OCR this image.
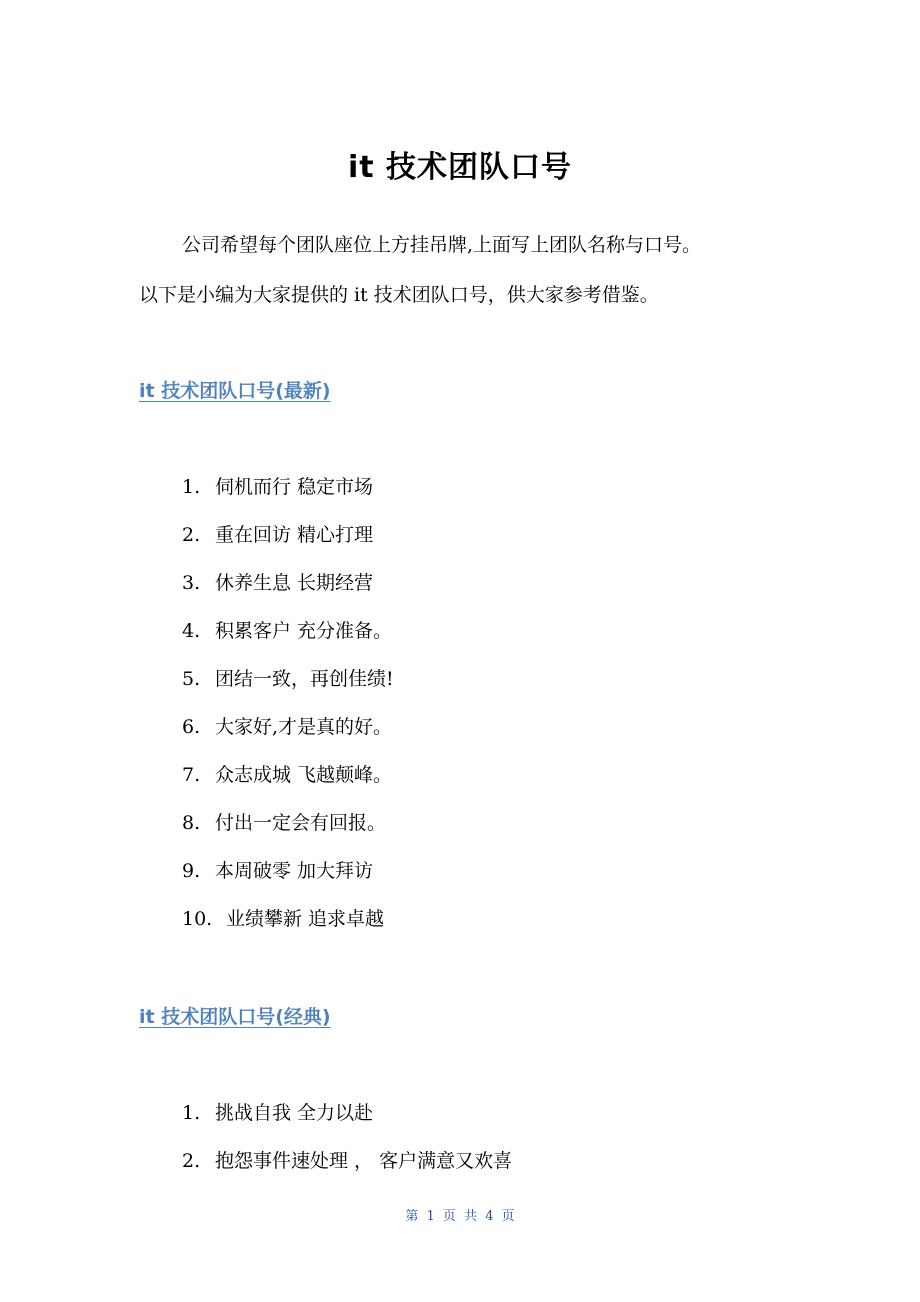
it 技术团队口号
公司希望每个团队座位上方挂吊牌,上面写上团队名称与口号。
以下是小编为大家提供的 it 技术团队口号，供大家参考借鉴。
it 技术团队口号(最新)
1. 伺机而行 稳定市场
2. 重在回访 精心打理
3. 休养生息 长期经营
4. 积累客户 充分准备。
5. 团结一致，再创佳绩!
6. 大家好,才是真的好。
7. 众志成城 飞越颠峰。
8. 付出一定会有回报。
9. 本周破零 加大拜访
10. 业绩攀新 追求卓越
it 技术团队口号(经典)
1. 挑战自我 全力以赴
2. 抱怨事件速处理 ， 客户满意又欢喜
第 1 页 共 4 页
